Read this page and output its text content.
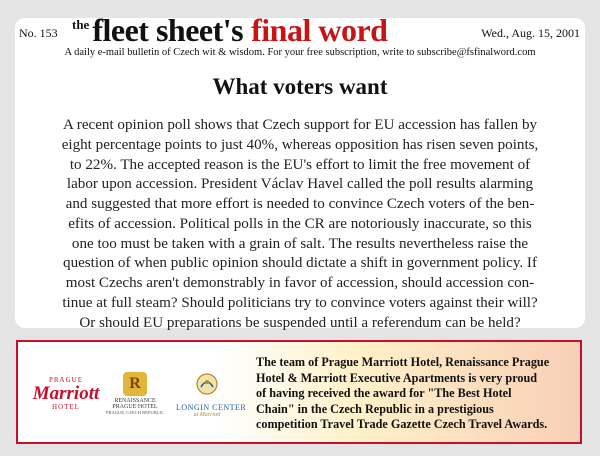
No. 153
$^{the}$fleet sheet's final word	Wed., Aug. 15, 2001
A daily e-mail bulletin of Czech wit & wisdom. For your free subscription, write to subscribe@fsfinalword.com
What voters want
A recent opinion poll shows that Czech support for EU accession has fallen by
eight percentage points to just 40%, whereas opposition has risen seven points,
to 22%. The accepted reason is the EU's effort to limit the free movement of
labor upon accession. President Václav Havel called the poll results alarming
and suggested that more effort is needed to convince Czech voters of the ben-
efits of accession. Political polls in the CR are notoriously inaccurate, so this
one too must be taken with a grain of salt. The results nevertheless raise the
question of when public opinion should dictate a shift in government policy. If
most Czechs aren't demonstrably in favor of accession, should accession con-
tinue at full steam? Should politicians try to convince voters against their will?
Or should EU preparations be suspended until a referendum can be held?
PRAGUE
Marriott
HOTEL
R
RENAISSANCE
PRAGUE HOTEL
PRAGUE, CZECH REPUBLIC
LONGIN CENTER
at Marriott
The team of Prague Marriott Hotel, Renaissance Prague
Hotel & Marriott Executive Apartments is very proud
of having received the award for "The Best Hotel
Chain" in the Czech Republic in a prestigious
competition Travel Trade Gazette Czech Travel Awards.
